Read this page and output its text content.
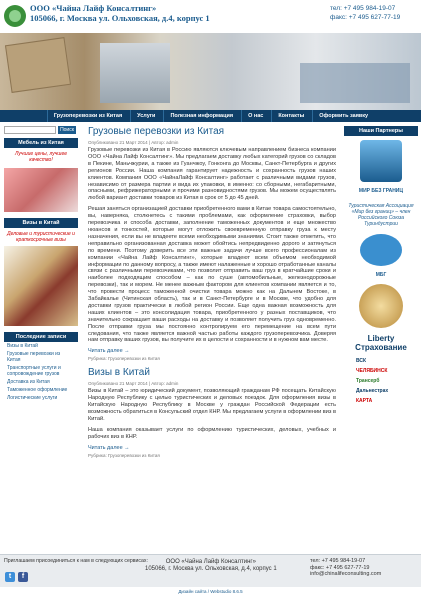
ООО «Чайна Лайф Консалтинг»
105066, г. Москва ул. Ольховская, д.4, корпус 1
тел: +7 495 984-19-07
факс: +7 495 627-77-19
Грузоперевозки из Китая	Услуги	Полезная информация	О нас	Контакты	Оформить заявку
Поиск
Мебель из Китая
Лучшие цены, лучшее качество!
Визы в Китай
Деловые и туристические и краткосрочные визы
Последние записи
Визы в Китай
Грузовые перевозки из Китая
Транспортные услуги и сопровождение грузов
Доставка из Китая
Таможенное оформление
Логистические услуги
Грузовые перевозки из Китая
Опубликовано 21 Март 2014 | Автор: admin
Грузовые перевозки из Китая в Россию являются ключевым направлением бизнеса компании ООО «Чайна Лайф Консалтинг». Мы предлагаем доставку любых категорий грузов со складов в Пекине, Маньчжурии, а также из Гуанчжоу, Гонконга до Москвы, Санкт-Петербурга и других регионов России. Наша компания гарантирует надежность и сохранность грузов наших клиентов. Компания ООО «ЧайнаЛайф Консалтинг» работает с различными видами грузов, независимо от размера партии и вида их упаковки, в именно: со сборными, негабаритными, опасными, рефрижераторными и прочими разновидностями грузов. Мы можем осуществлять любой вариант доставки товаров из Китая в срок от 5 до 45 дней.
Решая заняться организацией доставки приобретенного вами в Китае товара самостоятельно, вы, наверняка, столкнетесь с такими проблемами, как оформление страховки, выбор перевозчика и способа доставки, заполнение таможенных документов и еще множество нюансов и тонкостей, которые могут отложить своевременную отправку груза к месту назначения, если вы не владеете всеми необходимыми знаниями. Стоит также отметить, что неправильно организованная доставка может обойтись непредвиденно дорого и затянуться по времени. Поэтому доверить все эти важные задачи лучше всего профессионалам из компании «Чайна Лайф Консалтинг», которые владеют всем объемом необходимой информации по данному вопросу, а также имеют налаженные и хорошо отработанные каналы связи с различными перевозчиками, что позволит отправить ваш груз в кратчайшие сроки и наиболее подходящим способом – как по суше (автомобильные, железнодорожные перевозки), так и морем. Не менее важным фактором для клиентов компании является и то, что провести процесс таможенной очистки товара можно как на Дальнем Востоке, в Забайкалье (Читинская область), так и в Санкт-Петербурге и в Москве, что удобно для доставки грузов практически в любой регион России. Еще одна важная возможность для наших клиентов – это консолидация товара, приобретенного у разных поставщиков, что значительно сокращает ваши расходы на доставку и позволяет получить груз одновременно. После отправки груза мы постоянно контролируем его перемещение на всем пути следования, что также является важной частью работы каждого грузоперевозчика. Доверяя нам отправку ваших грузов, вы получите их в целости и сохранности и в нужном вам месте.
Читать далее →
Рубрика: Грузоперевозки из Китая
Визы в Китай
Опубликовано 21 Март 2014 | Автор: admin
Визы в Китай – это юридический документ, позволяющий гражданам РФ посещать Китайскую Народную Республику с целью туристических и деловых поездок. Для оформления визы в Китайскую Народную Республику в Москве у граждан Российской Федерации есть возможность обратиться в Консульский отдел КНР. Мы предлагаем услуги в оформлении виз в Китай.
Наша компания оказывает услуги по оформлению туристических, деловых, учебных и рабочих виз в КНР.
Читать далее →
Рубрика: Грузоперевозки из Китая
Наши Партнеры
МИР БЕЗ ГРАНИЦ
Туристическая Ассоциация «Мир без границ» – член Российского Союза Туриндустрии
МБГ
Liberty Страхование
ВСК
ЧЕЛЯБИНСК
Трансерб
Дальнестрах
КАРТА
Приглашаем присоединиться к нам в следующих сервисах:
t	f
ООО «Чайна Лайф Консалтинг»
105066, г. Москва ул. Ольховская, д.4, корпус 1
тел: +7 495 984-19-07
факс: +7 495 627-77-19
info@chinalifeconsulting.com
Дизайн сайта / Webstudio 8.6.5
